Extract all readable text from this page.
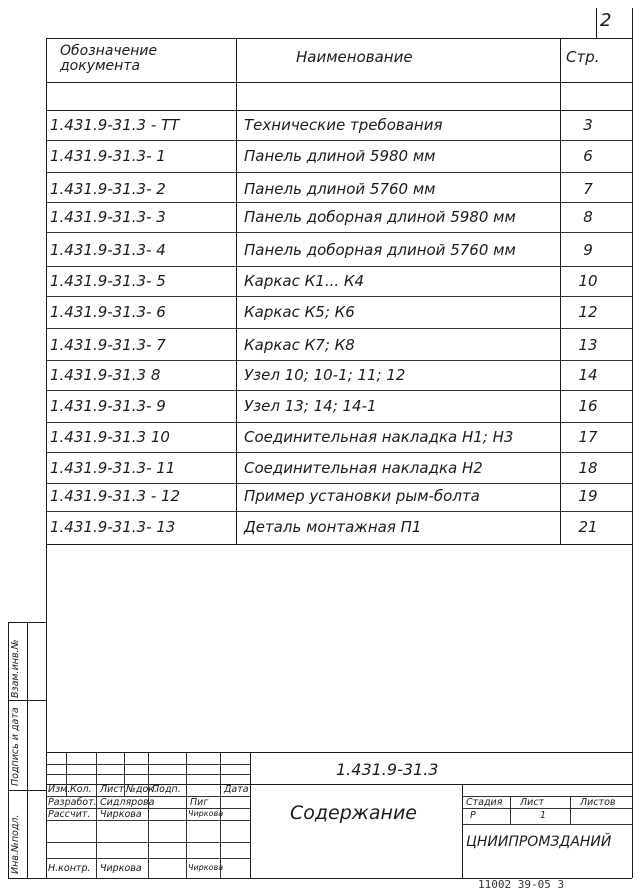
2
Обозначение документа	Наименование	Стр.
1.431.9-31.3 - ТТ	Технические требования	3
1.431.9-31.3- 1	Панель длиной 5980 мм	6
1.431.9-31.3- 2	Панель длиной 5760 мм	7
1.431.9-31.3- 3	Панель доборная длиной 5980 мм	8
1.431.9-31.3- 4	Панель доборная длиной 5760 мм	9
1.431.9-31.3- 5	Каркас К1... К4	10
1.431.9-31.3- 6	Каркас К5; К6	12
1.431.9-31.3- 7	Каркас К7; К8	13
1.431.9-31.3 8	Узел 10; 10-1; 11; 12	14
1.431.9-31.3- 9	Узел 13; 14; 14-1	16
1.431.9-31.3 10	Соединительная накладка Н1; Н3	17
1.431.9-31.3- 11	Соединительная накладка Н2	18
1.431.9-31.3 - 12	Пример установки рым-болта	19
1.431.9-31.3- 13	Деталь монтажная П1	21
Взам.инв.№
Подпись и дата
Инв.№подл.
1.431.9-31.3
Изм. Кол. Лист №док.
Подп.	Дата
Разработ. Сидлярова	Пиг
Рассчит. Чиркова	Чиркова
Н.контр. Чиркова	Чиркова
Содержание	Стадия Лист	Листов
Р	1
ЦНИИПРОМЗДАНИЙ
11002 39-05 3
